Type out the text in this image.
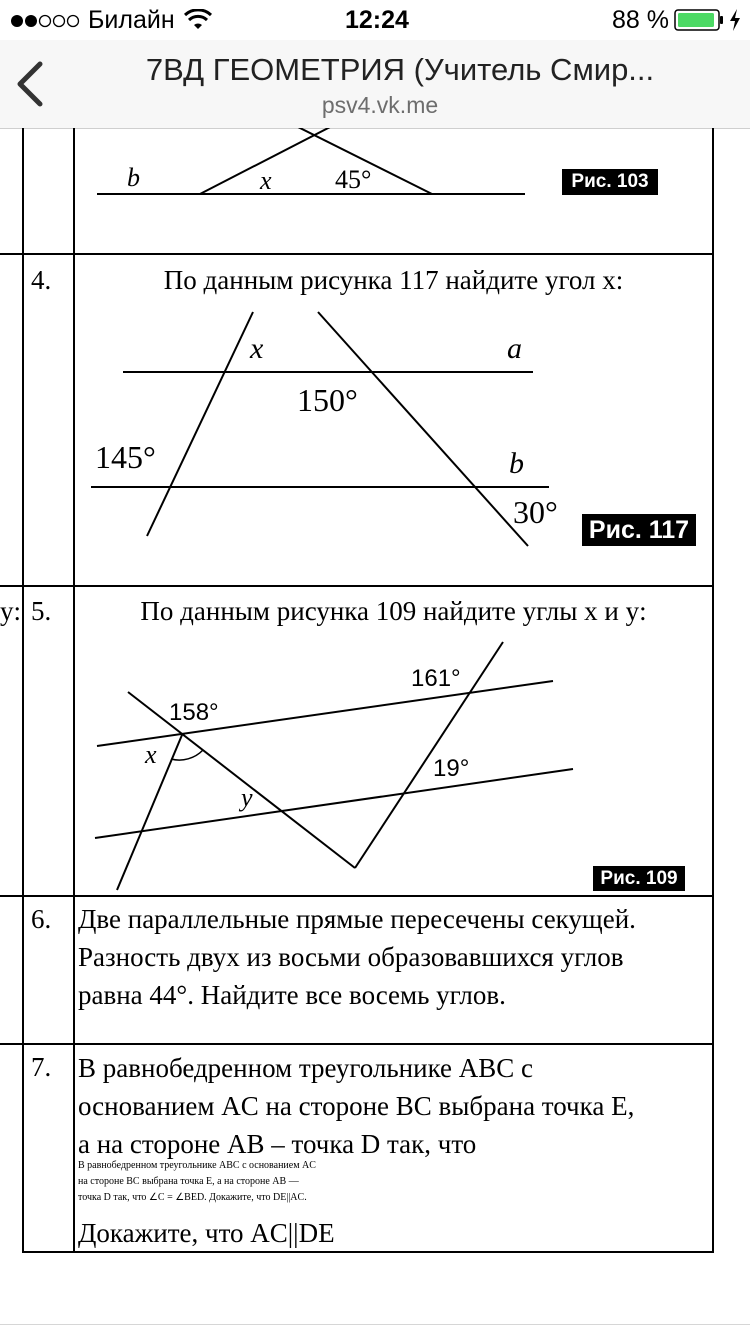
Билайн	12:24	88 %
7ВД ГЕОМЕТРИЯ (Учитель Смир...
psv4.vk.me
b	x 45°	Рис. 103
4.	По данным рисунка 117 найдите угол x:
x	a
150°
145°	b
30° Рис. 117
y: 5.	По данным рисунка 109 найдите углы x и y:
158°
161°
19°
x
y
Рис. 109
6. Две параллельные прямые пересечены секущей.
Разность двух из восьми образовавшихся углов
равна 44°. Найдите все восемь углов.
7. В равнобедренном треугольнике ABC с
основанием AC на стороне BC выбрана точка E,
а на стороне AB – точка D так, что
В равнобедренном треугольнике ABC с основанием AC
на стороне BC выбрана точка E, а на стороне AB —
точка D так, что ∠C = ∠BED. Докажите, что DE||AC.
Докажите, что AC||DE
